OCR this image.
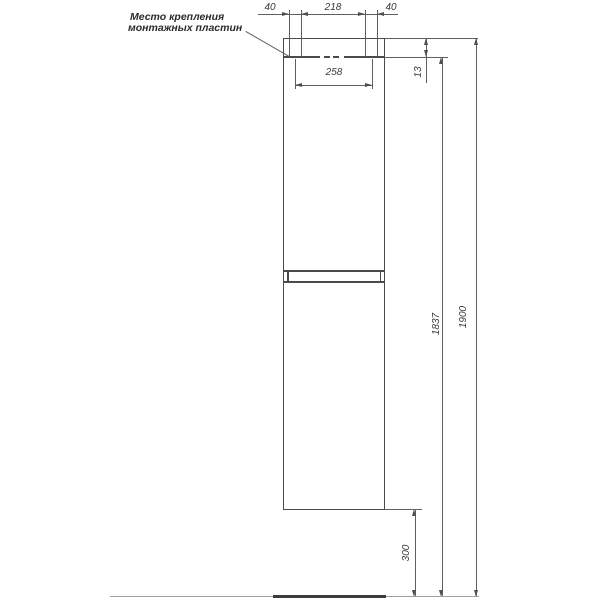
Место крепления
монтажных пластин
40	218	40
258	13
1837 1900
300
